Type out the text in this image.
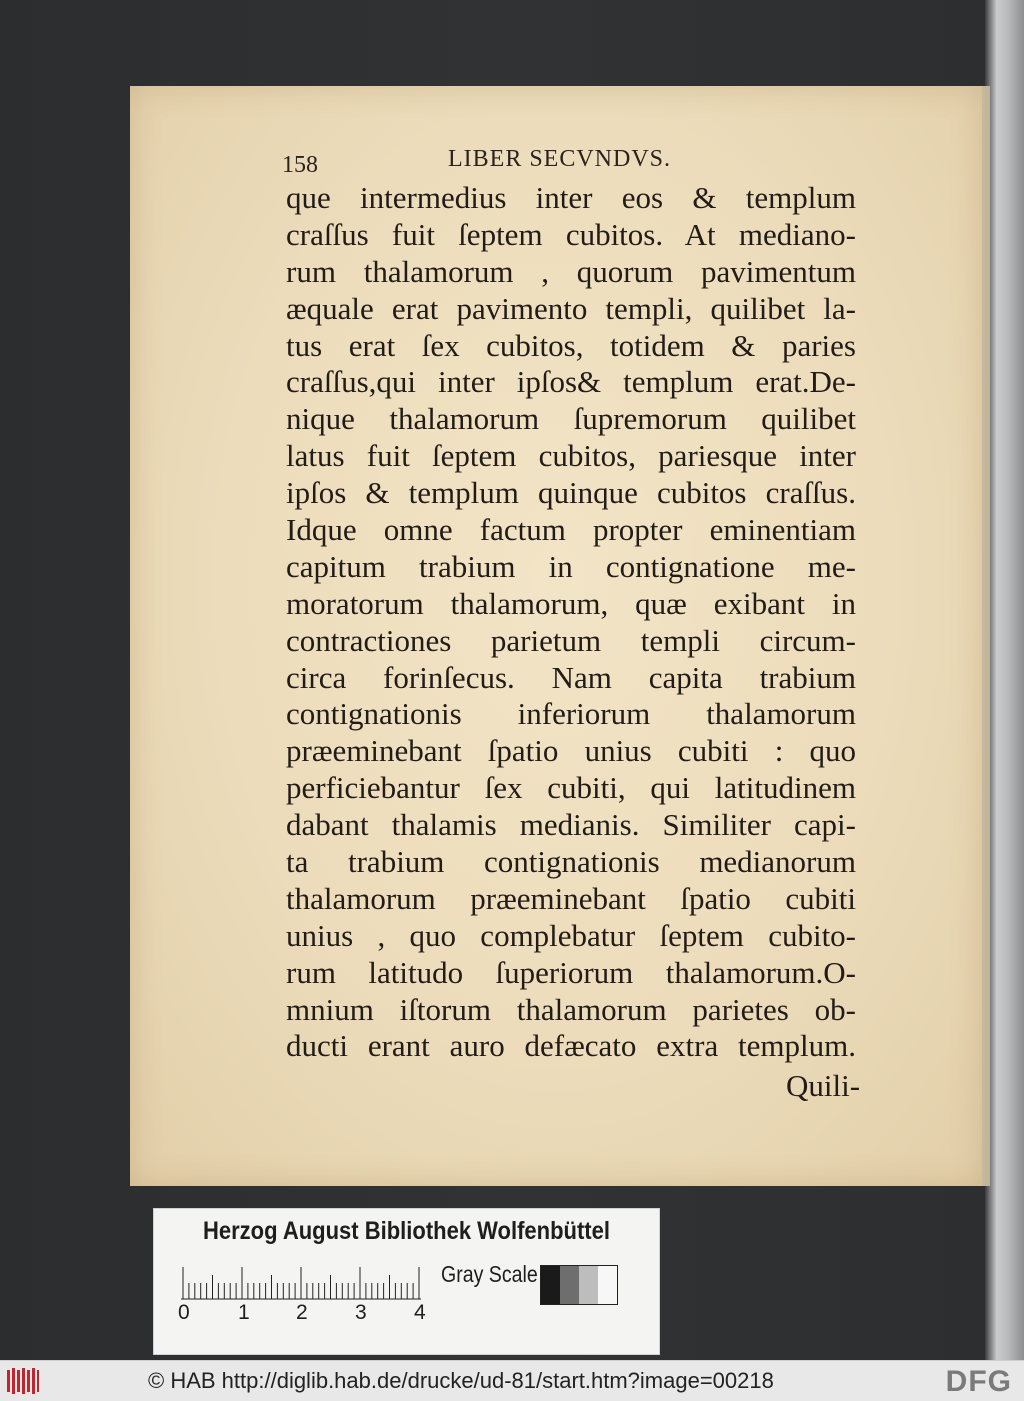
158	LIBER SECVNDVS.
que intermedius inter eos & templum
craſſus fuit ſeptem cubitos. At mediano-
rum thalamorum , quorum pavimentum
æquale erat pavimento templi, quilibet la-
tus erat ſex cubitos, totidem & paries
craſſus,qui inter ipſos& templum erat.De-
nique thalamorum ſupremorum quilibet
latus fuit ſeptem cubitos, pariesque inter
ipſos & templum quinque cubitos craſſus.
Idque omne factum propter eminentiam
capitum trabium in contignatione me-
moratorum thalamorum, quæ exibant in
contractiones parietum templi circum-
circa forinſecus. Nam capita trabium
contignationis inferiorum thalamorum
præeminebant ſpatio unius cubiti : quo
perficiebantur ſex cubiti, qui latitudinem
dabant thalamis medianis. Similiter capi-
ta trabium contignationis medianorum
thalamorum præeminebant ſpatio cubiti
unius , quo complebatur ſeptem cubito-
rum latitudo ſuperiorum thalamorum.O-
mnium iſtorum thalamorum parietes ob-
ducti erant auro defæcato extra templum.
Quili-
Herzog August Bibliothek Wolfenbüttel
0 1 2 3 4
Gray Scale
© HAB http://diglib.hab.de/drucke/ud-81/start.htm?image=00218	DFG
